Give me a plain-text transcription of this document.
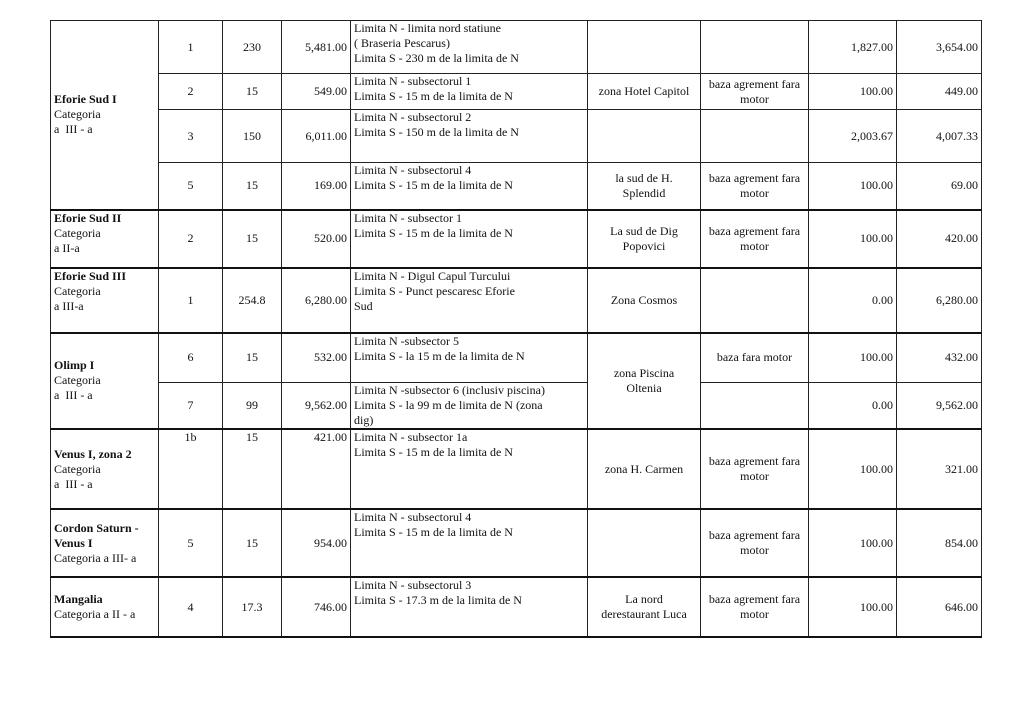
Eforie Sud I
Categoria
a  III - a	1	230	5,481.00	Limita N - limita nord statiune
( Braseria Pescarus)
Limita S - 230 m de la limita de N			1,827.00	3,654.00
	2	15	549.00	Limita N - subsectorul 1
Limita S - 15 m de la limita de N	zona Hotel Capitol	baza agrement fara
motor	100.00	449.00
	3	150	6,011.00	Limita N - subsectorul 2
Limita S - 150 m de la limita de N			2,003.67	4,007.33
	5	15	169.00	Limita N - subsectorul 4
Limita S - 15 m de la limita de N	la sud de H.
Splendid	baza agrement fara
motor	100.00	69.00

Eforie Sud II
Categoria
a II-a	2	15	520.00	Limita N - subsector 1
Limita S - 15 m de la limita de N	La sud de Dig
Popovici	baza agrement fara
motor	100.00	420.00

Eforie Sud III
Categoria
a III-a	1	254.8	6,280.00	Limita N - Digul Capul Turcului
Limita S - Punct pescaresc Eforie
Sud	Zona Cosmos		0.00	6,280.00

Olimp I
Categoria
a  III - a	6	15	532.00	Limita N -subsector 5
Limita S - la 15 m de la limita de N	zona Piscina
Oltenia	baza fara motor	100.00	432.00
	7	99	9,562.00	Limita N -subsector 6 (inclusiv piscina)
Limita S - la 99 m de limita de N (zona
dig)			0.00	9,562.00

Venus I, zona 2
Categoria
a  III - a	1b	15	421.00	Limita N - subsector 1a
Limita S - 15 m de la limita de N	zona H. Carmen	baza agrement fara
motor	100.00	321.00

Cordon Saturn -
Venus I
Categoria a III- a	5	15	954.00	Limita N - subsectorul 4
Limita S - 15 m de la limita de N		baza agrement fara
motor	100.00	854.00

Mangalia
Categoria a II - a	4	17.3	746.00	Limita N - subsectorul 3
Limita S - 17.3 m de la limita de N	La nord
derestaurant Luca	baza agrement fara
motor	100.00	646.00
